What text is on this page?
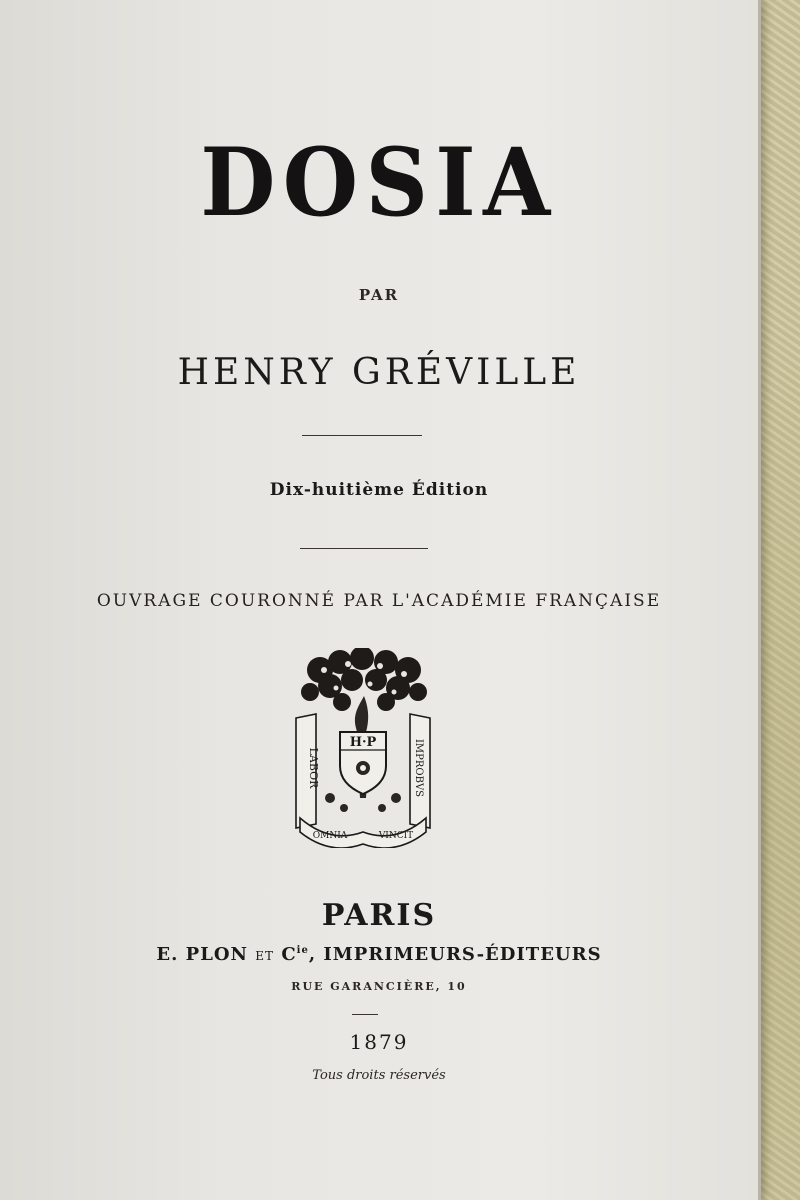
DOSIA
PAR
HENRY GRÉVILLE
Dix-huitième Édition
OUVRAGE COURONNÉ PAR L'ACADÉMIE FRANÇAISE
H·P
LABOR	IMPROBVS
OMNIA	VINCIT
PARIS
E. PLON ET $C^{ie}$, IMPRIMEURS-ÉDITEURS
RUE GARANCIÈRE, 10
1879
Tous droits réservés
